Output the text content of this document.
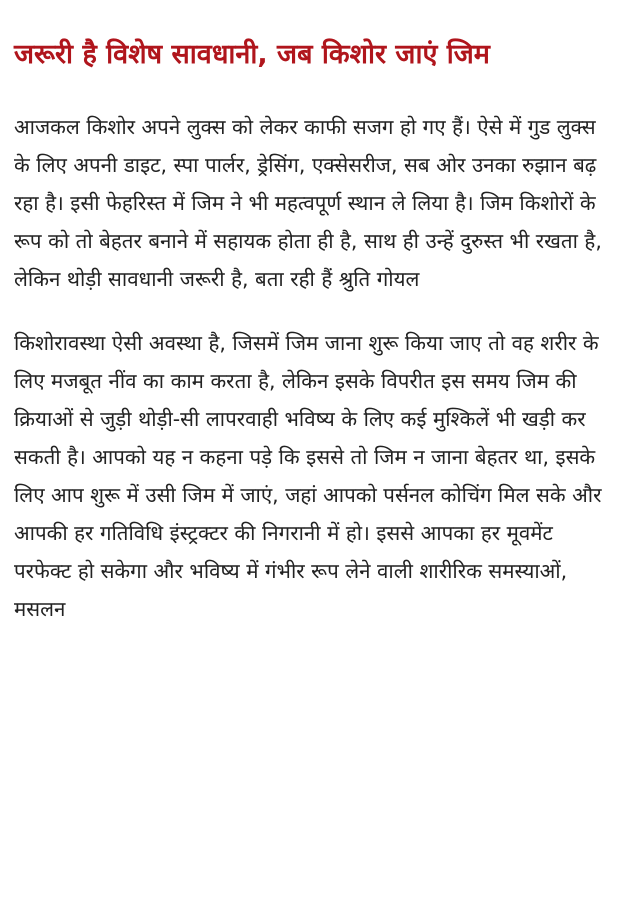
जरूरी है विशेष सावधानी, जब किशोर जाएं जिम

आजकल किशोर अपने लुक्स को लेकर काफी सजग हो गए हैं। ऐसे में गुड लुक्स के लिए अपनी डाइट, स्पा पार्लर, ड्रेसिंग, एक्सेसरीज, सब ओर उनका रुझान बढ़ रहा है। इसी फेहरिस्त में जिम ने भी महत्वपूर्ण स्थान ले लिया है। जिम किशोरों के रूप को तो बेहतर बनाने में सहायक होता ही है, साथ ही उन्हें दुरुस्त भी रखता है, लेकिन थोड़ी सावधानी जरूरी है, बता रही हैं श्रुति गोयल

किशोरावस्था ऐसी अवस्था है, जिसमें जिम जाना शुरू किया जाए तो वह शरीर के लिए मजबूत नींव का काम करता है, लेकिन इसके विपरीत इस समय जिम की क्रियाओं से जुड़ी थोड़ी-सी लापरवाही भविष्य के लिए कई मुश्किलें भी खड़ी कर सकती है। आपको यह न कहना पड़े कि इससे तो जिम न जाना बेहतर था, इसके लिए आप शुरू में उसी जिम में जाएं, जहां आपको पर्सनल कोचिंग मिल सके और आपकी हर गतिविधि इंस्ट्रक्टर की निगरानी में हो। इससे आपका हर मूवमेंट परफेक्ट हो सकेगा और भविष्य में गंभीर रूप लेने वाली शारीरिक समस्याओं, मसलन
